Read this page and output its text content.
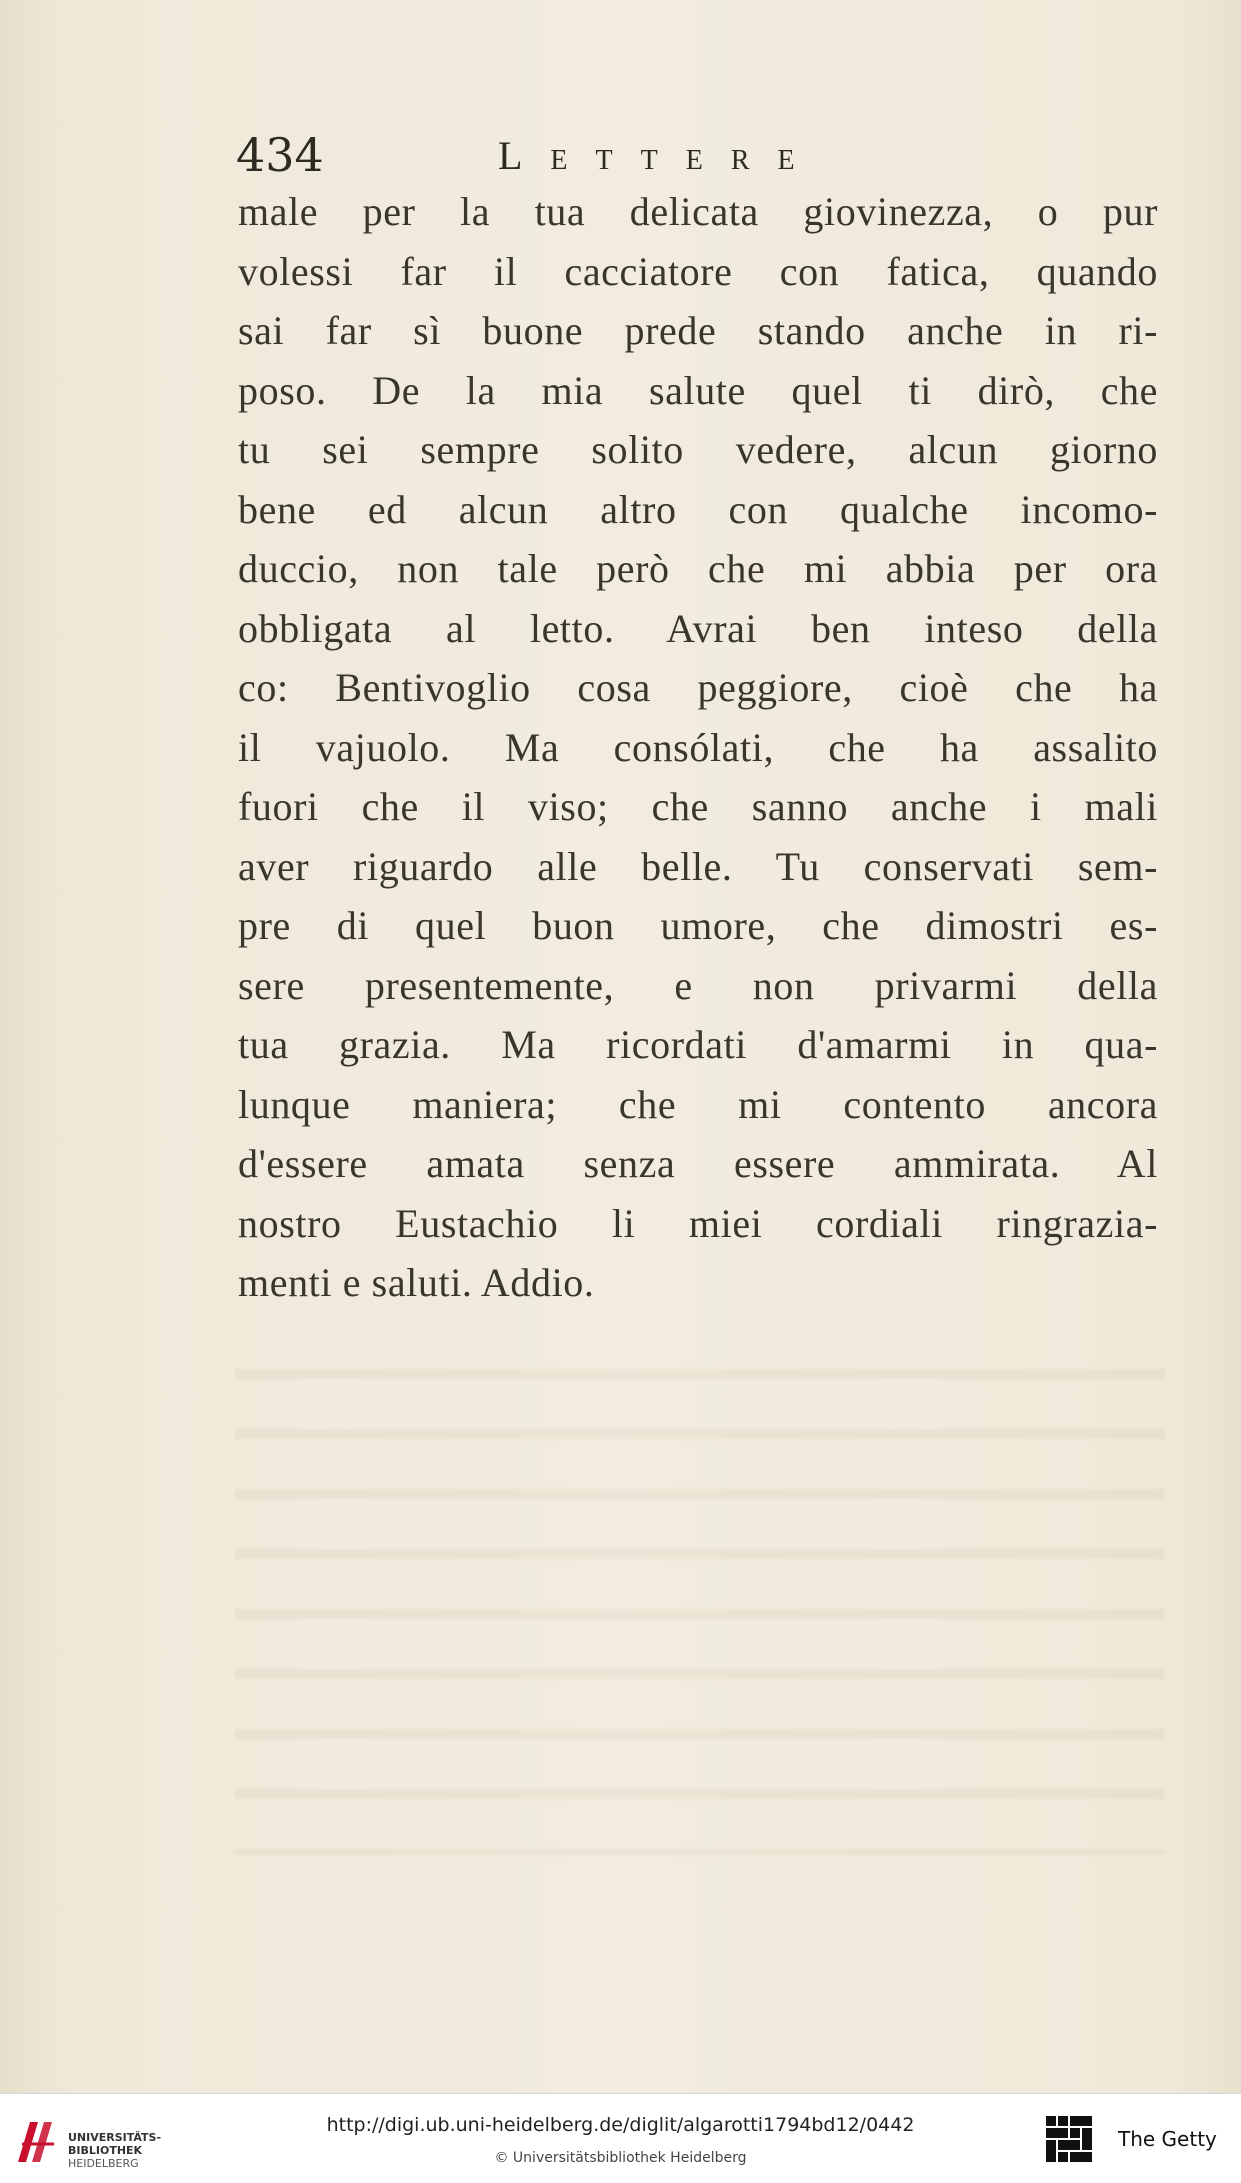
434	Lettere
male per la tua delicata giovinezza, o pur
volessi far il cacciatore con fatica, quando
sai far sì buone prede stando anche in ri-
poso. De la mia salute quel ti dirò, che
tu sei sempre solito vedere, alcun giorno
bene ed alcun altro con qualche incomo-
duccio, non tale però che mi abbia per ora
obbligata al letto. Avrai ben inteso della
co: Bentivoglio cosa peggiore, cioè che ha
il vajuolo. Ma consólati, che ha assalito
fuori che il viso; che sanno anche i mali
aver riguardo alle belle. Tu conservati sem-
pre di quel buon umore, che dimostri es-
sere presentemente, e non privarmi della
tua grazia. Ma ricordati d'amarmi in qua-
lunque maniera; che mi contento ancora
d'essere amata senza essere ammirata. Al
nostro Eustachio li miei cordiali ringrazia-
menti e saluti. Addio.
UNIVERSITÄTS-
BIBLIOTHEK
HEIDELBERG
http://digi.ub.uni-heidelberg.de/diglit/algarotti1794bd12/0442
© Universitätsbibliothek Heidelberg
The Getty
